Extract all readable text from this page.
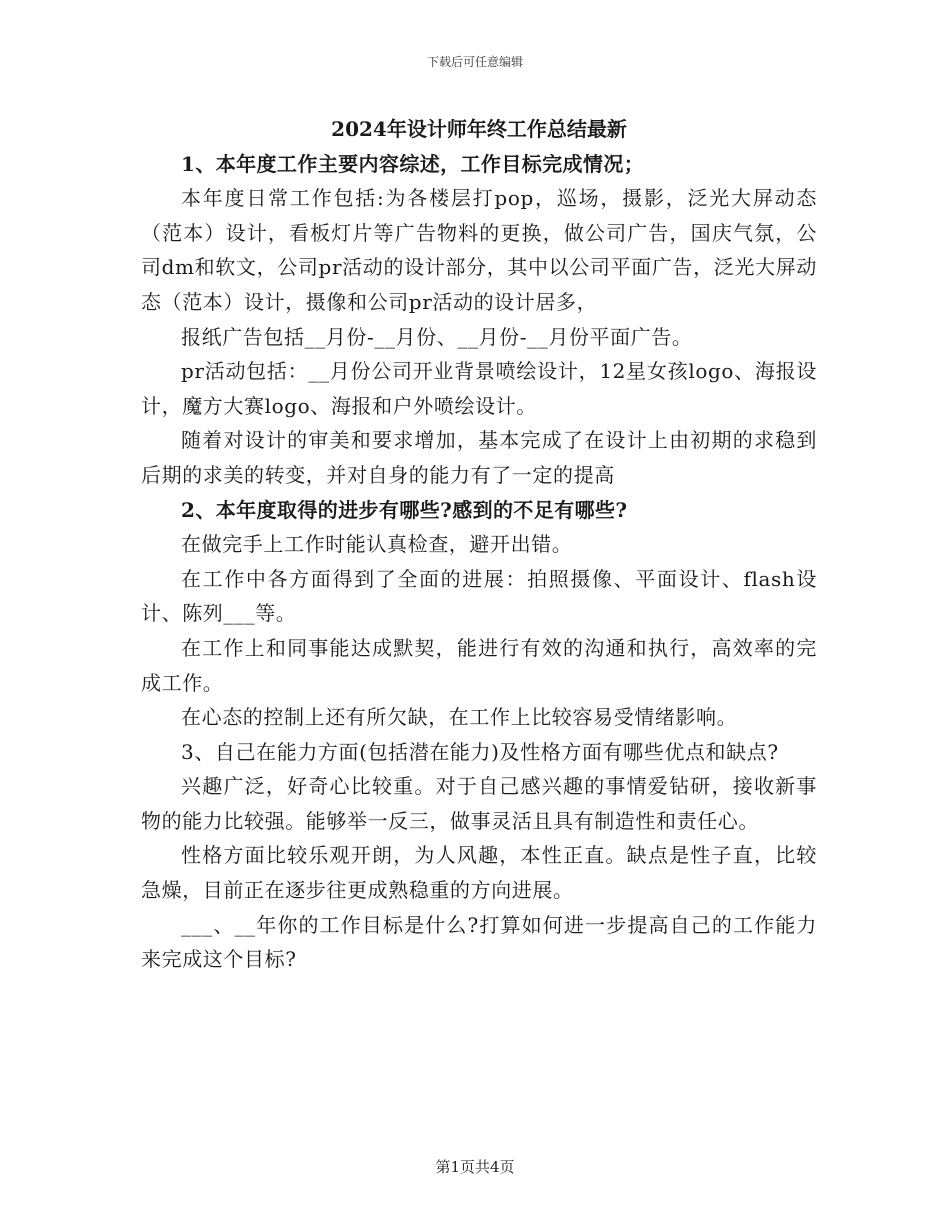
下载后可任意编辑

2024年设计师年终工作总结最新

1、本年度工作主要内容综述，工作目标完成情况；

本年度日常工作包括:为各楼层打pop，巡场，摄影，泛光大屏动态（范本）设计，看板灯片等广告物料的更换，做公司广告，国庆气氛，公司dm和软文，公司pr活动的设计部分，其中以公司平面广告，泛光大屏动态（范本）设计，摄像和公司pr活动的设计居多，

报纸广告包括__月份-__月份、__月份-__月份平面广告。

pr活动包括：__月份公司开业背景喷绘设计，12星女孩logo、海报设计，魔方大赛logo、海报和户外喷绘设计。

随着对设计的审美和要求增加，基本完成了在设计上由初期的求稳到后期的求美的转变，并对自身的能力有了一定的提高

2、本年度取得的进步有哪些?感到的不足有哪些?

在做完手上工作时能认真检查，避开出错。

在工作中各方面得到了全面的进展：拍照摄像、平面设计、flash设计、陈列___等。

在工作上和同事能达成默契，能进行有效的沟通和执行，高效率的完成工作。

在心态的控制上还有所欠缺，在工作上比较容易受情绪影响。

3、自己在能力方面(包括潜在能力)及性格方面有哪些优点和缺点?

兴趣广泛，好奇心比较重。对于自己感兴趣的事情爱钻研，接收新事物的能力比较强。能够举一反三，做事灵活且具有制造性和责任心。

性格方面比较乐观开朗，为人风趣，本性正直。缺点是性子直，比较急燥，目前正在逐步往更成熟稳重的方向进展。

___、__年你的工作目标是什么?打算如何进一步提高自己的工作能力来完成这个目标?

第1页共4页
